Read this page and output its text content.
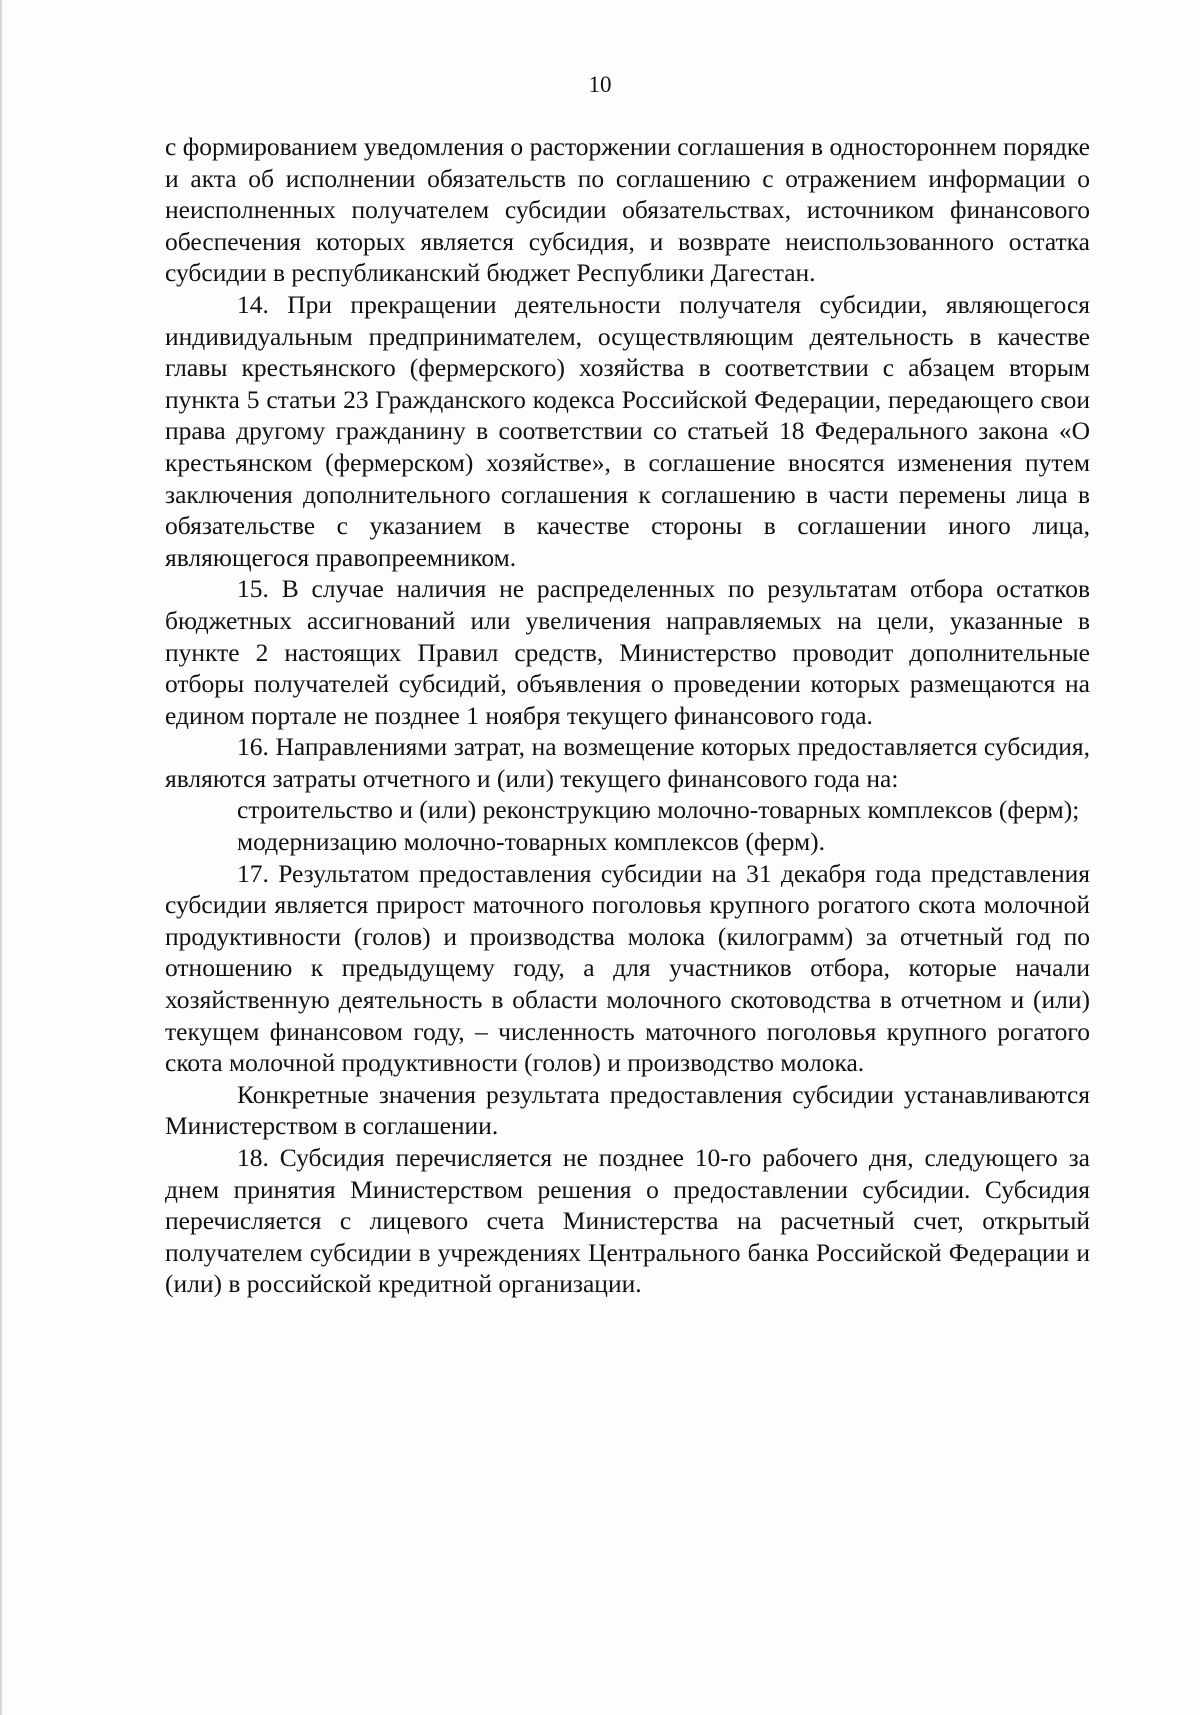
10

с формированием уведомления о расторжении соглашения в одностороннем порядке и акта об исполнении обязательств по соглашению с отражением информации о неисполненных получателем субсидии обязательствах, источником финансового обеспечения которых является субсидия, и возврате неиспользованного остатка субсидии в республиканский бюджет Республики Дагестан.

14. При прекращении деятельности получателя субсидии, являющегося индивидуальным предпринимателем, осуществляющим деятельность в качестве главы крестьянского (фермерского) хозяйства в соответствии с абзацем вторым пункта 5 статьи 23 Гражданского кодекса Российской Федерации, передающего свои права другому гражданину в соответствии со статьей 18 Федерального закона «О крестьянском (фермерском) хозяйстве», в соглашение вносятся изменения путем заключения дополнительного соглашения к соглашению в части перемены лица в обязательстве с указанием в качестве стороны в соглашении иного лица, являющегося правопреемником.

15. В случае наличия не распределенных по результатам отбора остатков бюджетных ассигнований или увеличения направляемых на цели, указанные в пункте 2 настоящих Правил средств, Министерство проводит дополнительные отборы получателей субсидий, объявления о проведении которых размещаются на едином портале не позднее 1 ноября текущего финансового года.

16. Направлениями затрат, на возмещение которых предоставляется субсидия, являются затраты отчетного и (или) текущего финансового года на:

строительство и (или) реконструкцию молочно-товарных комплексов (ферм);

модернизацию молочно-товарных комплексов (ферм).

17. Результатом предоставления субсидии на 31 декабря года представления субсидии является прирост маточного поголовья крупного рогатого скота молочной продуктивности (голов) и производства молока (килограмм) за отчетный год по отношению к предыдущему году, а для участников отбора, которые начали хозяйственную деятельность в области молочного скотоводства в отчетном и (или) текущем финансовом году, – численность маточного поголовья крупного рогатого скота молочной продуктивности (голов) и производство молока.

Конкретные значения результата предоставления субсидии устанавливаются Министерством в соглашении.

18. Субсидия перечисляется не позднее 10-го рабочего дня, следующего за днем принятия Министерством решения о предоставлении субсидии. Субсидия перечисляется с лицевого счета Министерства на расчетный счет, открытый получателем субсидии в учреждениях Центрального банка Российской Федерации и (или) в российской кредитной организации.
